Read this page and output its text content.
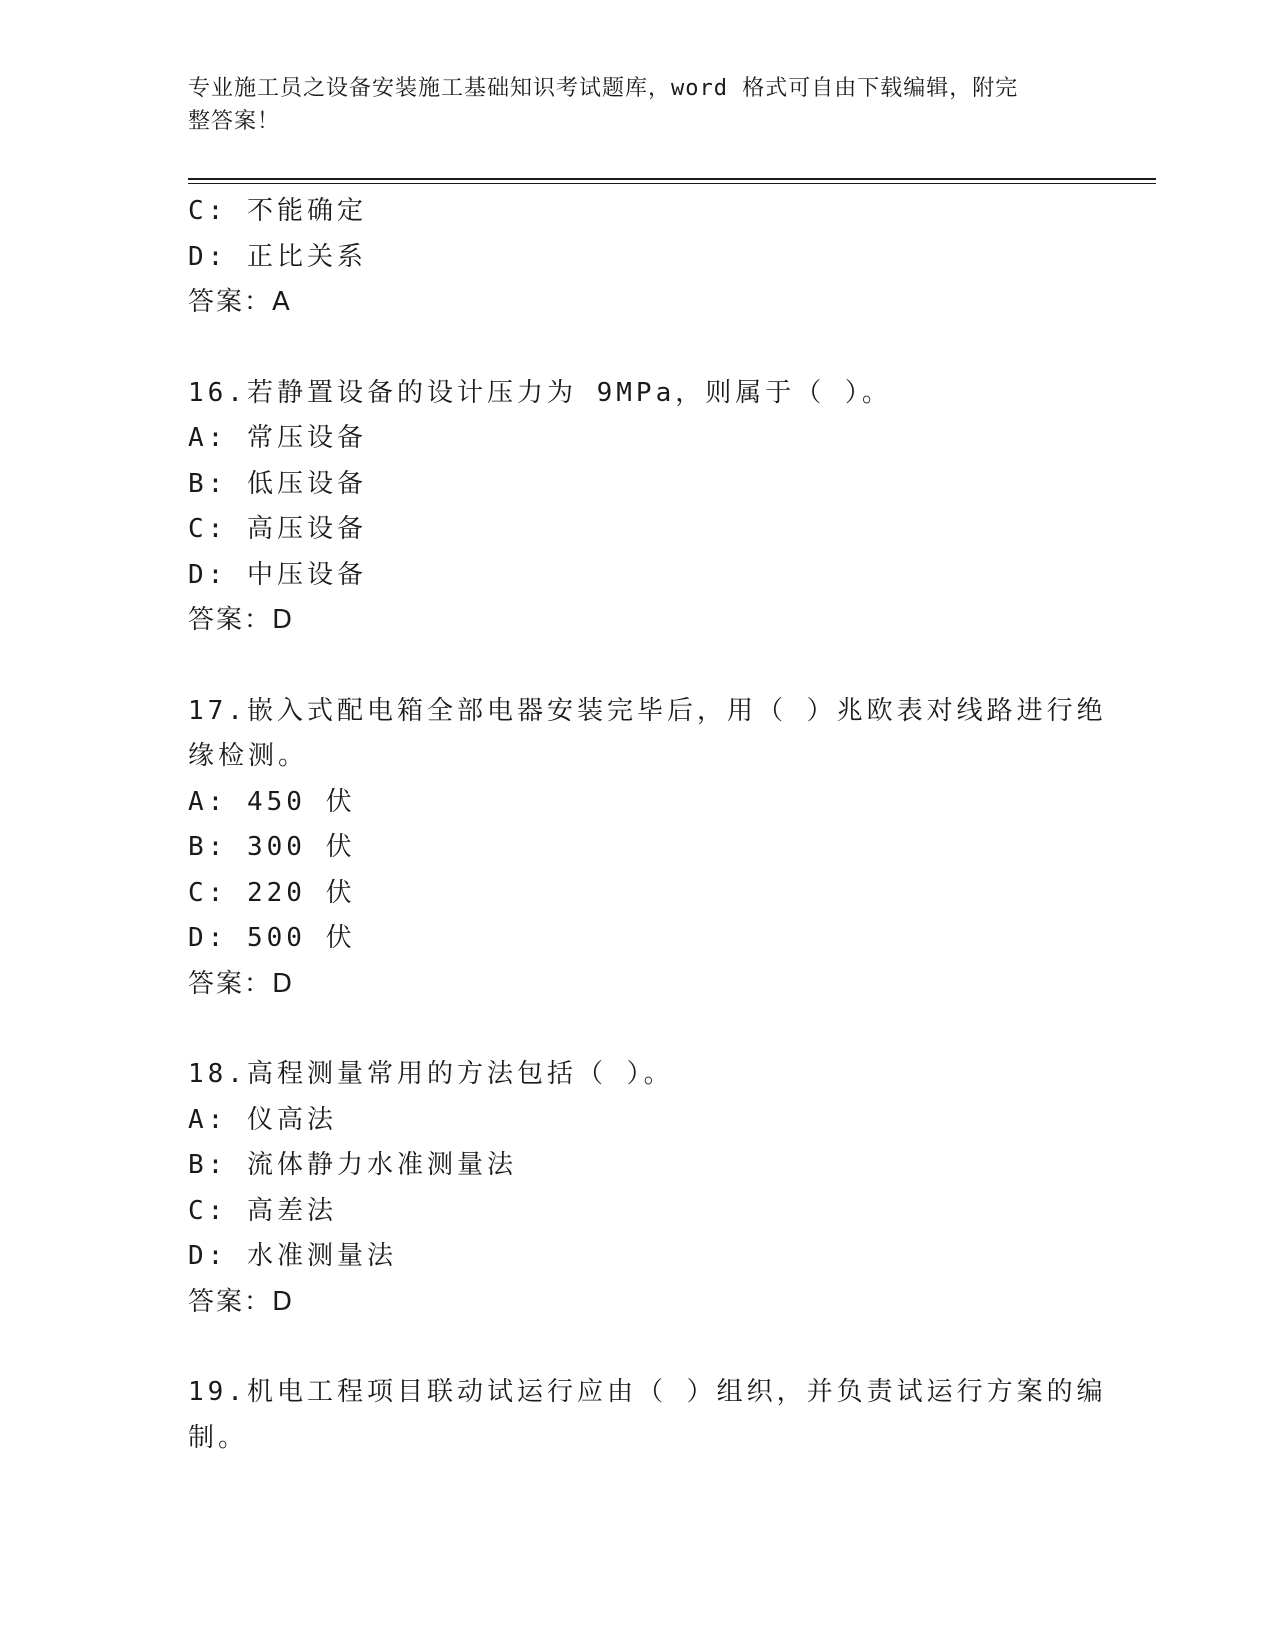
专业施工员之设备安装施工基础知识考试题库，word 格式可自由下载编辑，附完
整答案！
C: 不能确定
D: 正比关系
答案：A
16.若静置设备的设计压力为 9MPa，则属于（ ）。
A: 常压设备
B: 低压设备
C: 高压设备
D: 中压设备
答案：D
17.嵌入式配电箱全部电器安装完毕后，用（ ）兆欧表对线路进行绝
缘检测。
A: 450 伏
B: 300 伏
C: 220 伏
D: 500 伏
答案：D
18.高程测量常用的方法包括（ ）。
A: 仪高法
B: 流体静力水准测量法
C: 高差法
D: 水准测量法
答案：D
19.机电工程项目联动试运行应由（ ）组织，并负责试运行方案的编
制。
